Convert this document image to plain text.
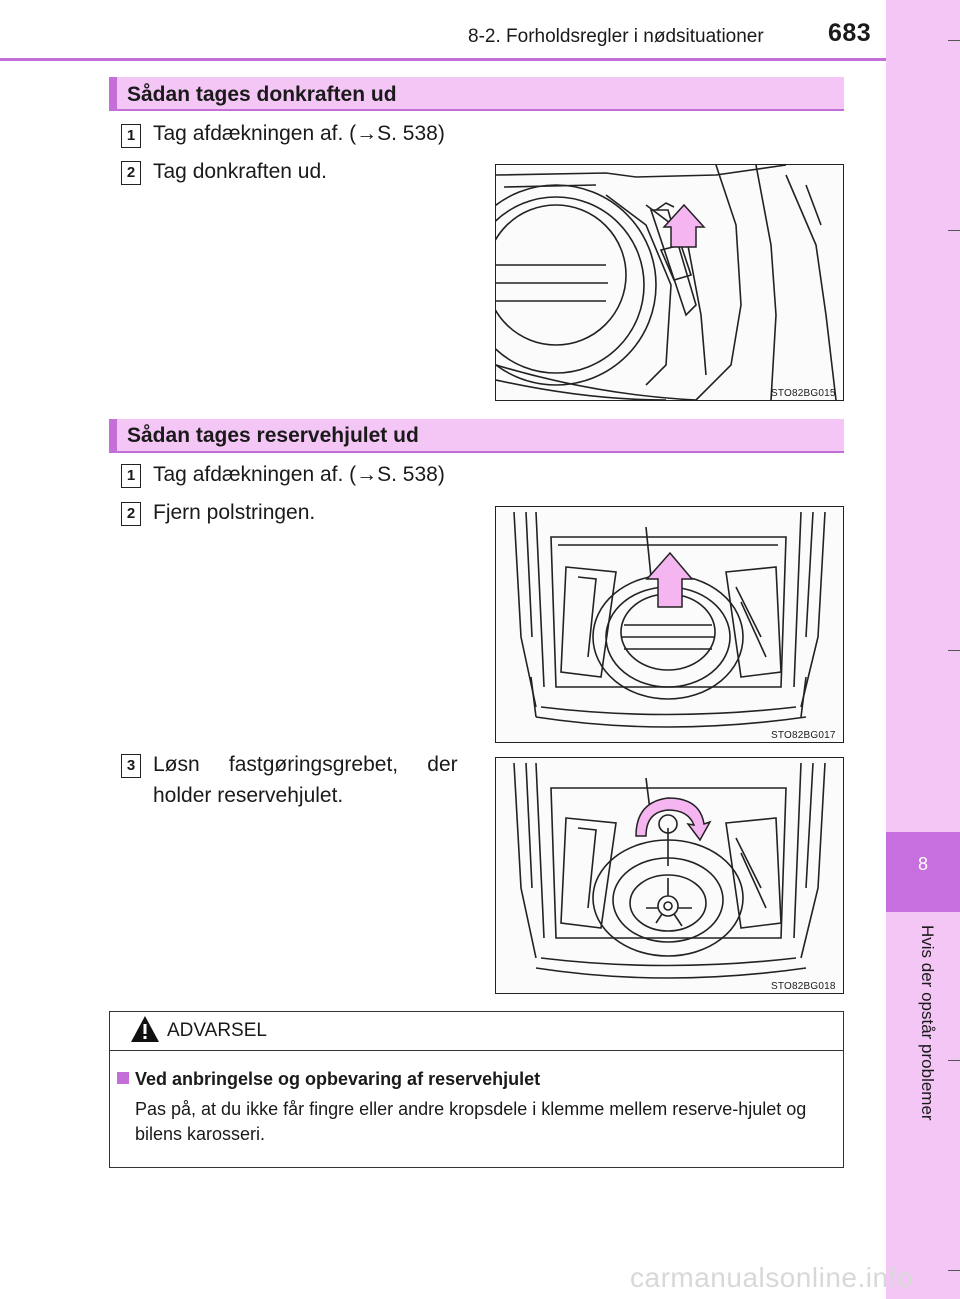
8-2. Forholdsregler i nødsituationer	683
8
Hvis der opstår problemer
Sådan tages donkraften ud
1 Tag afdækningen af. (→S. 538)
2 Tag donkraften ud.
STO82BG015
Sådan tages reservehjulet ud
1 Tag afdækningen af. (→S. 538)
2 Fjern polstringen.
3 Løsn     fastgøringsgrebet,     der
holder reservehjulet.
STO82BG017
STO82BG018
ADVARSEL
Ved anbringelse og opbevaring af reservehjulet
Pas på, at du ikke får fingre eller andre kropsdele i klemme mellem reserve-hjulet og bilens karosseri.
carmanualsonline.info
